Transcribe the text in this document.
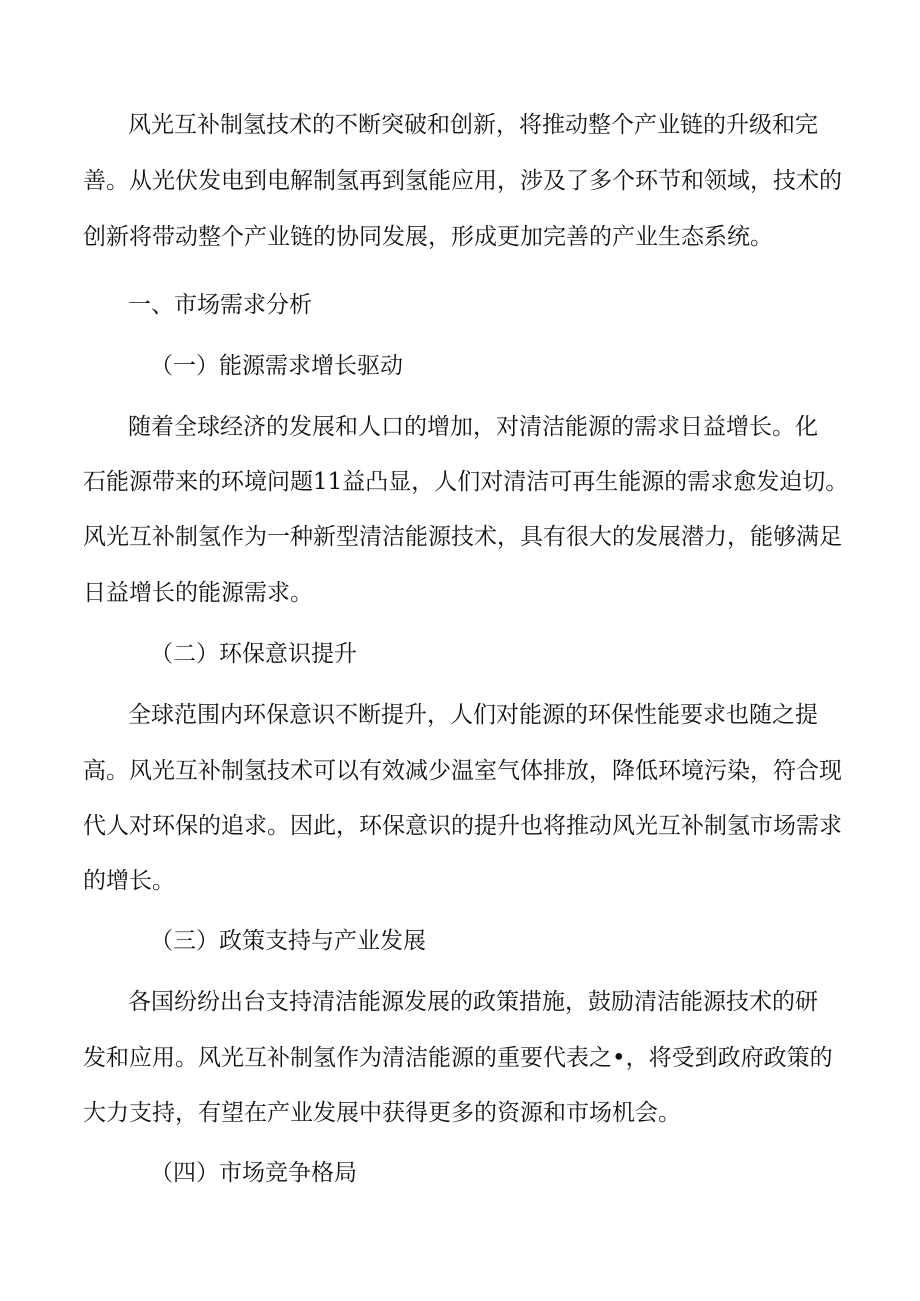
风光互补制氢技术的不断突破和创新，将推动整个产业链的升级和完
善。从光伏发电到电解制氢再到氢能应用，涉及了多个环节和领域，技术的
创新将带动整个产业链的协同发展，形成更加完善的产业生态系统。
一、市场需求分析
（一）能源需求增长驱动
随着全球经济的发展和人口的增加，对清洁能源的需求日益增长。化
石能源带来的环境问题11益凸显，人们对清洁可再生能源的需求愈发迫切。
风光互补制氢作为一种新型清洁能源技术，具有很大的发展潜力，能够满足
日益增长的能源需求。
（二）环保意识提升
全球范围内环保意识不断提升，人们对能源的环保性能要求也随之提
高。风光互补制氢技术可以有效减少温室气体排放，降低环境污染，符合现
代人对环保的追求。因此，环保意识的提升也将推动风光互补制氢市场需求
的增长。
（三）政策支持与产业发展
各国纷纷出台支持清洁能源发展的政策措施，鼓励清洁能源技术的研
发和应用。风光互补制氢作为清洁能源的重要代表之•，将受到政府政策的
大力支持，有望在产业发展中获得更多的资源和市场机会。
（四）市场竞争格局
